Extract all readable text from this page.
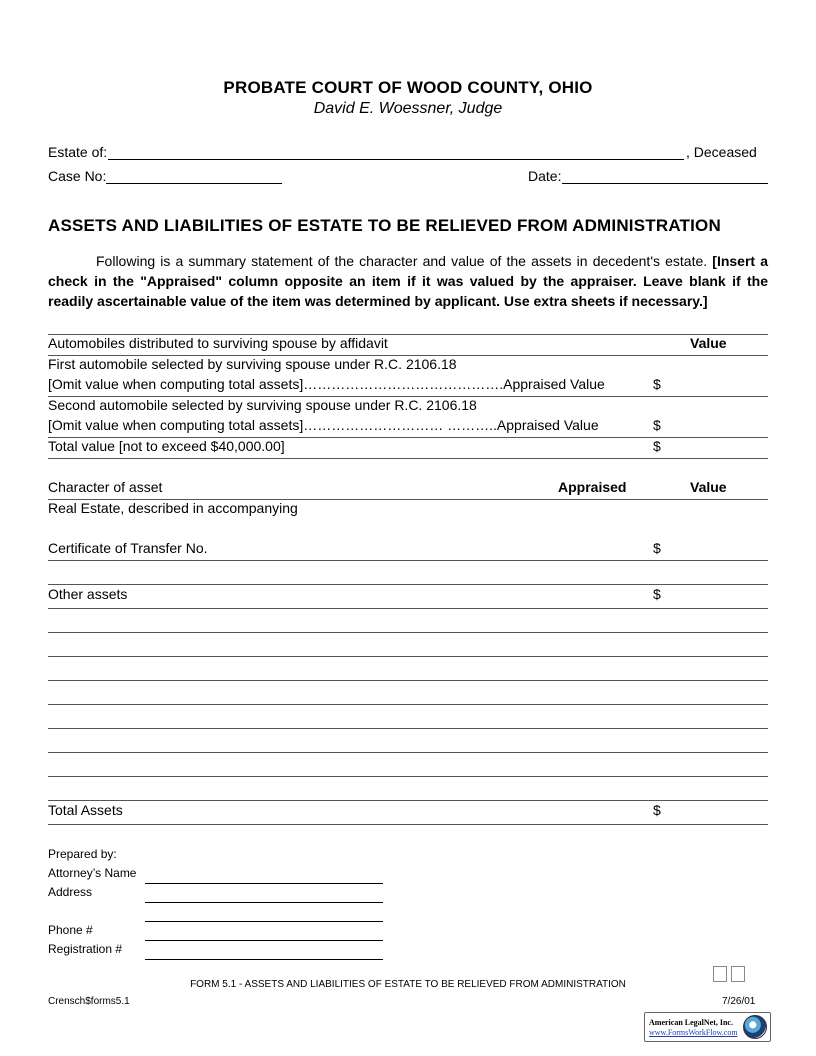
PROBATE COURT OF WOOD COUNTY, OHIO
David E. Woessner, Judge
Estate of:	, Deceased
Case No:	Date:
ASSETS AND LIABILITIES OF ESTATE TO BE RELIEVED FROM ADMINISTRATION
Following is a summary statement of the character and value of the assets in decedent's estate. [Insert a check in the "Appraised" column opposite an item if it was valued by the appraiser. Leave blank if the readily ascertainable value of the item was determined by applicant. Use extra sheets if necessary.]
Automobiles distributed to surviving spouse by affidavit	Value
First automobile selected by surviving spouse under R.C. 2106.18
[Omit value when computing total assets]…………………………………….Appraised Value	$
Second automobile selected by surviving spouse under R.C. 2106.18
[Omit value when computing total assets]………………………… ………..Appraised Value	$
Total value [not to exceed $40,000.00]	$
Character of asset	Appraised	Value
Real Estate, described in accompanying
Certificate of Transfer No.	$
Other assets	$
Total Assets	$
Prepared by:
Attorney’s Name
Address
Phone #
Registration #
FORM 5.1 - ASSETS AND LIABILITIES OF ESTATE TO BE RELIEVED FROM ADMINISTRATION
Crensch$forms5.1	7/26/01
American LegalNet, Inc.
www.FormsWorkFlow.com
